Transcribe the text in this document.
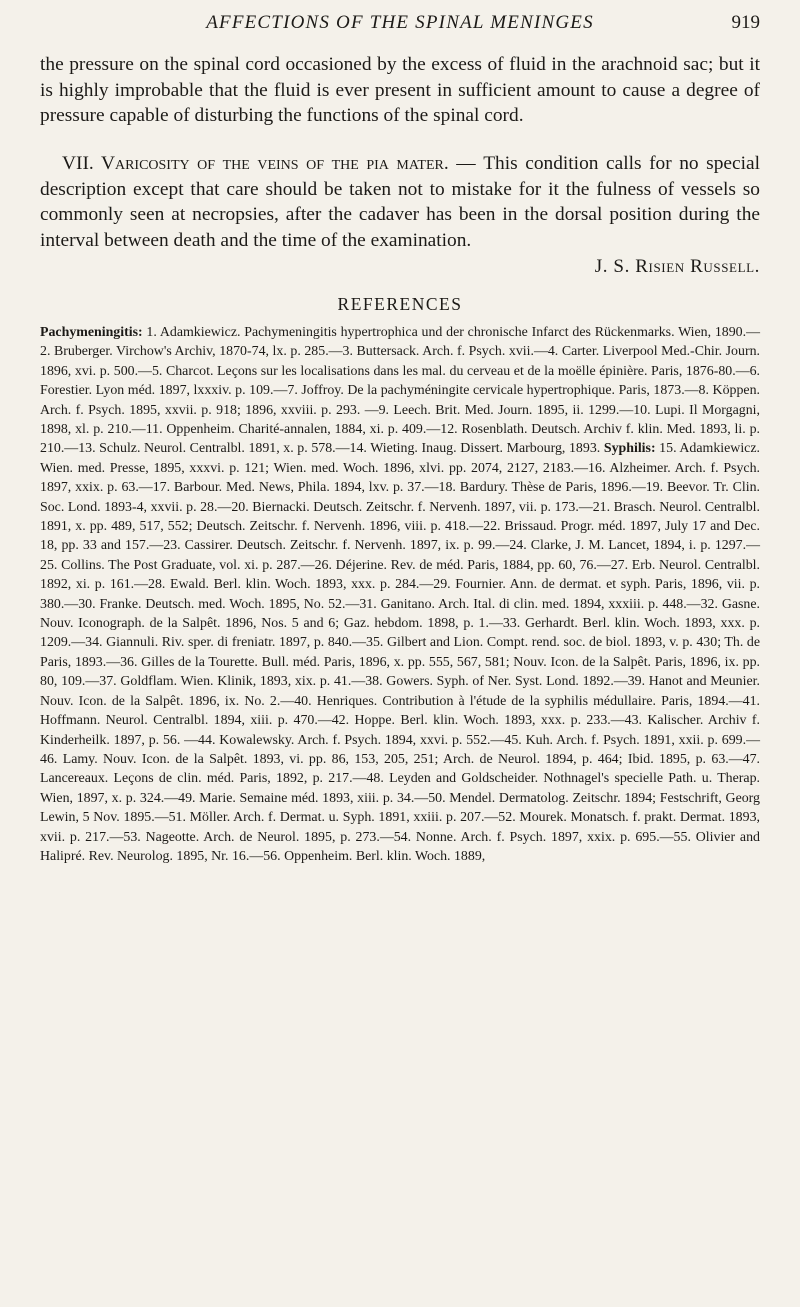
AFFECTIONS OF THE SPINAL MENINGES	919

the pressure on the spinal cord occasioned by the excess of fluid in the arachnoid sac; but it is highly improbable that the fluid is ever present in sufficient amount to cause a degree of pressure capable of disturbing the functions of the spinal cord.

VII. Varicosity of the veins of the pia mater. — This condition calls for no special description except that care should be taken not to mistake for it the fulness of vessels so commonly seen at necropsies, after the cadaver has been in the dorsal position during the interval between death and the time of the examination.

J. S. Risien Russell.
REFERENCES

Pachymeningitis: 1. Adamkiewicz. Pachymeningitis hypertrophica und der chronische Infarct des Rückenmarks. Wien, 1890.—2. Bruberger. Virchow's Archiv, 1870-74, lx. p. 285.—3. Buttersack. Arch. f. Psych. xvii.—4. Carter. Liverpool Med.-Chir. Journ. 1896, xvi. p. 500.—5. Charcot. Leçons sur les localisations dans les mal. du cerveau et de la moëlle épinière. Paris, 1876-80.—6. Forestier. Lyon méd. 1897, lxxxiv. p. 109.—7. Joffroy. De la pachyméningite cervicale hypertrophique. Paris, 1873.—8. Köppen. Arch. f. Psych. 1895, xxvii. p. 918; 1896, xxviii. p. 293. —9. Leech. Brit. Med. Journ. 1895, ii. 1299.—10. Lupi. Il Morgagni, 1898, xl. p. 210.—11. Oppenheim. Charité-annalen, 1884, xi. p. 409.—12. Rosenblath. Deutsch. Archiv f. klin. Med. 1893, li. p. 210.—13. Schulz. Neurol. Centralbl. 1891, x. p. 578.—14. Wieting. Inaug. Dissert. Marbourg, 1893. Syphilis: 15. Adamkiewicz. Wien. med. Presse, 1895, xxxvi. p. 121; Wien. med. Woch. 1896, xlvi. pp. 2074, 2127, 2183.—16. Alzheimer. Arch. f. Psych. 1897, xxix. p. 63.—17. Barbour. Med. News, Phila. 1894, lxv. p. 37.—18. Bardury. Thèse de Paris, 1896.—19. Beevor. Tr. Clin. Soc. Lond. 1893-4, xxvii. p. 28.—20. Biernacki. Deutsch. Zeitschr. f. Nervenh. 1897, vii. p. 173.—21. Brasch. Neurol. Centralbl. 1891, x. pp. 489, 517, 552; Deutsch. Zeitschr. f. Nervenh. 1896, viii. p. 418.—22. Brissaud. Progr. méd. 1897, July 17 and Dec. 18, pp. 33 and 157.—23. Cassirer. Deutsch. Zeitschr. f. Nervenh. 1897, ix. p. 99.—24. Clarke, J. M. Lancet, 1894, i. p. 1297.—25. Collins. The Post Graduate, vol. xi. p. 287.—26. Déjerine. Rev. de méd. Paris, 1884, pp. 60, 76.—27. Erb. Neurol. Centralbl. 1892, xi. p. 161.—28. Ewald. Berl. klin. Woch. 1893, xxx. p. 284.—29. Fournier. Ann. de dermat. et syph. Paris, 1896, vii. p. 380.—30. Franke. Deutsch. med. Woch. 1895, No. 52.—31. Ganitano. Arch. Ital. di clin. med. 1894, xxxiii. p. 448.—32. Gasne. Nouv. Iconograph. de la Salpêt. 1896, Nos. 5 and 6; Gaz. hebdom. 1898, p. 1.—33. Gerhardt. Berl. klin. Woch. 1893, xxx. p. 1209.—34. Giannuli. Riv. sper. di freniatr. 1897, p. 840.—35. Gilbert and Lion. Compt. rend. soc. de biol. 1893, v. p. 430; Th. de Paris, 1893.—36. Gilles de la Tourette. Bull. méd. Paris, 1896, x. pp. 555, 567, 581; Nouv. Icon. de la Salpêt. Paris, 1896, ix. pp. 80, 109.—37. Goldflam. Wien. Klinik, 1893, xix. p. 41.—38. Gowers. Syph. of Ner. Syst. Lond. 1892.—39. Hanot and Meunier. Nouv. Icon. de la Salpêt. 1896, ix. No. 2.—40. Henriques. Contribution à l'étude de la syphilis médullaire. Paris, 1894.—41. Hoffmann. Neurol. Centralbl. 1894, xiii. p. 470.—42. Hoppe. Berl. klin. Woch. 1893, xxx. p. 233.—43. Kalischer. Archiv f. Kinderheilk. 1897, p. 56. —44. Kowalewsky. Arch. f. Psych. 1894, xxvi. p. 552.—45. Kuh. Arch. f. Psych. 1891, xxii. p. 699.—46. Lamy. Nouv. Icon. de la Salpêt. 1893, vi. pp. 86, 153, 205, 251; Arch. de Neurol. 1894, p. 464; Ibid. 1895, p. 63.—47. Lancereaux. Leçons de clin. méd. Paris, 1892, p. 217.—48. Leyden and Goldscheider. Nothnagel's specielle Path. u. Therap. Wien, 1897, x. p. 324.—49. Marie. Semaine méd. 1893, xiii. p. 34.—50. Mendel. Dermatolog. Zeitschr. 1894; Festschrift, Georg Lewin, 5 Nov. 1895.—51. Möller. Arch. f. Dermat. u. Syph. 1891, xxiii. p. 207.—52. Mourek. Monatsch. f. prakt. Dermat. 1893, xvii. p. 217.—53. Nageotte. Arch. de Neurol. 1895, p. 273.—54. Nonne. Arch. f. Psych. 1897, xxix. p. 695.—55. Olivier and Halipré. Rev. Neurolog. 1895, Nr. 16.—56. Oppenheim. Berl. klin. Woch. 1889,
